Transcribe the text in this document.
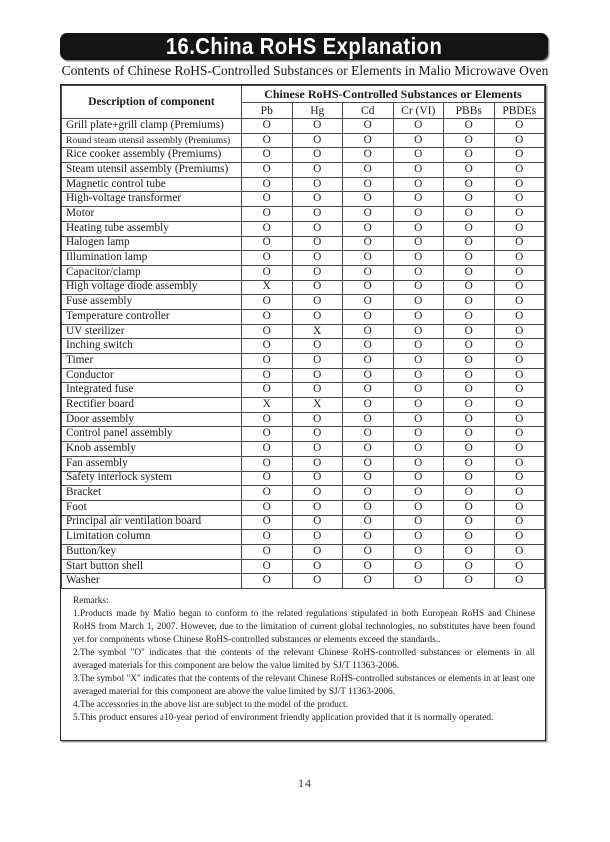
16.China RoHS Explanation
Contents of Chinese RoHS-Controlled Substances or Elements in Malio Microwave Oven
Description of component	Chinese RoHS-Controlled Substances or Elements					
	Pb	Hg	Cd	Cr (VI)	PBBs	PBDEs
Grill plate+grill clamp (Premiums)	O	O	O	O	O	O
Round steam utensil assembly (Premiums)	O	O	O	O	O	O
Rice cooker assembly (Premiums)	O	O	O	O	O	O
Steam utensil assembly (Premiums)	O	O	O	O	O	O
Magnetic control tube	O	O	O	O	O	O
High-voltage transformer	O	O	O	O	O	O
Motor	O	O	O	O	O	O
Heating tube assembly	O	O	O	O	O	O
Halogen lamp	O	O	O	O	O	O
Illumination lamp	O	O	O	O	O	O
Capacitor/clamp	O	O	O	O	O	O
High voltage diode assembly	X	O	O	O	O	O
Fuse assembly	O	O	O	O	O	O
Temperature controller	O	O	O	O	O	O
UV sterilizer	O	X	O	O	O	O
Inching switch	O	O	O	O	O	O
Timer	O	O	O	O	O	O
Conductor	O	O	O	O	O	O
Integrated fuse	O	O	O	O	O	O
Rectifier board	X	X	O	O	O	O
Door assembly	O	O	O	O	O	O
Control panel assembly	O	O	O	O	O	O
Knob assembly	O	O	O	O	O	O
Fan assembly	O	O	O	O	O	O
Safety interlock system	O	O	O	O	O	O
Bracket	O	O	O	O	O	O
Foot	O	O	O	O	O	O
Principal air ventilation board	O	O	O	O	O	O
Limitation column	O	O	O	O	O	O
Button/key	O	O	O	O	O	O
Start button shell	O	O	O	O	O	O
Washer	O	O	O	O	O	O

Remarks:

1.Products made by Malio began to conform to the related regulations stipulated in both European RoHS and Chinese RoHS from March 1, 2007. However, due to the limitation of current global technologies, no substitutes have been found yet for components whose Chinese RoHS-controlled substances or elements exceed the standards..

2.The symbol "O" indicates that the contents of the relevant Chinese RoHS-controlled substances or elements in all averaged materials for this component are below the value limited by SJ/T 11363-2006.

3.The symbol "X" indicates that the contents of the relevant Chinese RoHS-controlled substances or elements in at least one averaged material for this component are above the value limited by SJ/T 11363-2006.

4.The accessories in the above list are subject to the model of the product.

5.This product ensures a10-year period of environment friendly application provided that it is normally operated.

14
